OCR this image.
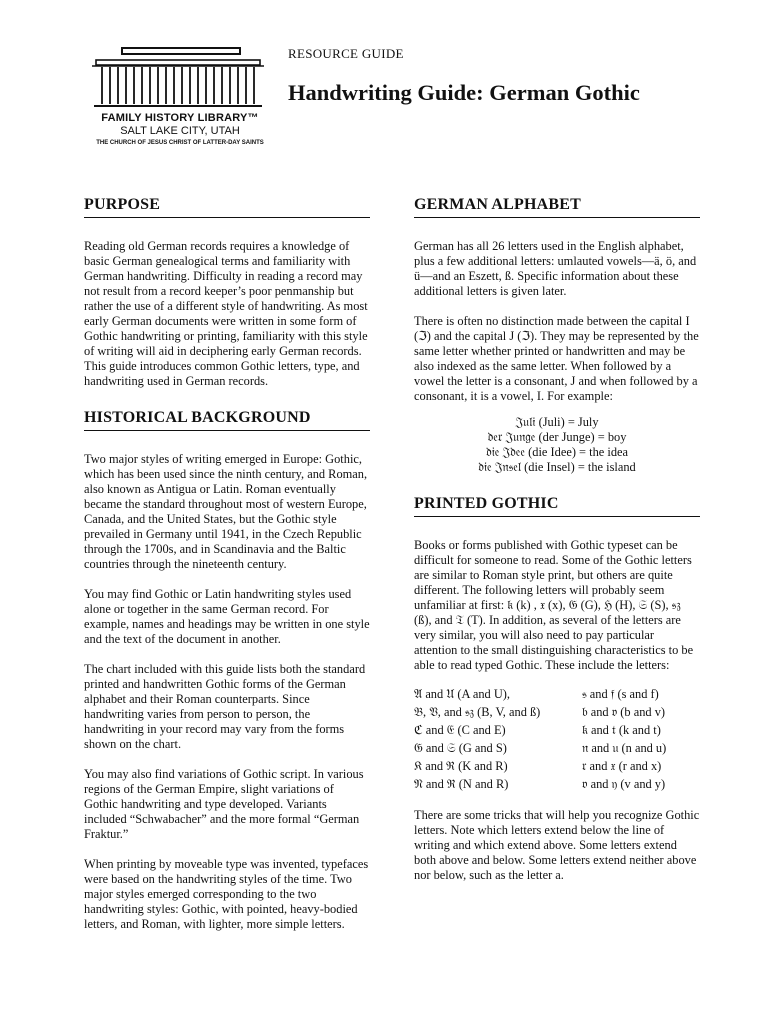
FAMILY HISTORY LIBRARY™
SALT LAKE CITY, UTAH
THE CHURCH OF JESUS CHRIST OF LATTER-DAY SAINTS
RESOURCE GUIDE
Handwriting Guide: German Gothic
PURPOSE

Reading old German records requires a knowledge of basic German genealogical terms and familiarity with German handwriting. Difficulty in reading a record may not result from a record keeper’s poor penmanship but rather the use of a different style of handwriting. As most early German documents were written in some form of Gothic handwriting or printing, familiarity with this style of writing will aid in deciphering early German records. This guide introduces common Gothic letters, type, and handwriting used in German records.

HISTORICAL BACKGROUND

Two major styles of writing emerged in Europe: Gothic, which has been used since the ninth century, and Roman, also known as Antigua or Latin. Roman eventually became the standard throughout most of western Europe, Canada, and the United States, but the Gothic style prevailed in Germany until 1941, in the Czech Republic through the 1700s, and in Scandinavia and the Baltic countries through the nineteenth century.

You may find Gothic or Latin handwriting styles used alone or together in the same German record. For example, names and headings may be written in one style and the text of the document in another.

The chart included with this guide lists both the standard printed and handwritten Gothic forms of the German alphabet and their Roman counterparts. Since handwriting varies from person to person, the handwriting in your record may vary from the forms shown on the chart.

You may also find variations of Gothic script. In various regions of the German Empire, slight variations of Gothic handwriting and type developed. Variants included “Schwabacher” and the more formal “German Fraktur.”

When printing by moveable type was invented, typefaces were based on the handwriting styles of the time. Two major styles emerged corresponding to the two handwriting styles: Gothic, with pointed, heavy-bodied letters, and Roman, with lighter, more simple letters.

GERMAN ALPHABET

German has all 26 letters used in the English alphabet, plus a few additional letters: umlauted vowels—ä, ö, and ü—and an Eszett, ß. Specific information about these additional letters is given later.

There is often no distinction made between the capital I (ℑ) and the capital J (ℑ). They may be represented by the same letter whether printed or handwritten and may be also indexed as the same letter. When followed by a vowel the letter is a consonant, J and when followed by a consonant, it is a vowel, I. For example:

𝔍𝔲𝔩𝔦 (Juli) = July
𝔡𝔢𝔯 𝔍𝔲𝔫𝔤𝔢 (der Junge) = boy
𝔡𝔦𝔢 𝔍𝔡𝔢𝔢 (die Idee) = the idea
𝔡𝔦𝔢 𝔍𝔫𝔰𝔢𝔩 (die Insel) = the island
PRINTED GOTHIC

Books or forms published with Gothic typeset can be difficult for someone to read. Some of the Gothic letters are similar to Roman style print, but others are quite different. The following letters will probably seem unfamiliar at first: 𝔨 (k) , 𝔵 (x), 𝔊 (G), ℌ (H), 𝔖 (S), 𝔰𝔷 (ß), and 𝔗 (T). In addition, as several of the letters are very similar, you will also need to pay particular attention to the small distinguishing characteristics to be able to read typed Gothic. These include the letters:

𝔄 and 𝔘 (A and U),	𝔰 and 𝔣 (s and f)
𝔅, 𝔙, and 𝔰𝔷 (B, V, and ß)	𝔟 and 𝔳 (b and v)
ℭ and 𝔈 (C and E)	𝔨 and 𝔱 (k and t)
𝔊 and 𝔖 (G and S)	𝔫 and 𝔲 (n and u)
𝔎 and ℜ (K and R)	𝔯 and 𝔵 (r and x)
𝔑 and ℜ (N and R)	𝔳 and 𝔶 (v and y)

There are some tricks that will help you recognize Gothic letters. Note which letters extend below the line of writing and which extend above. Some letters extend both above and below. Some letters extend neither above nor below, such as the letter a.
